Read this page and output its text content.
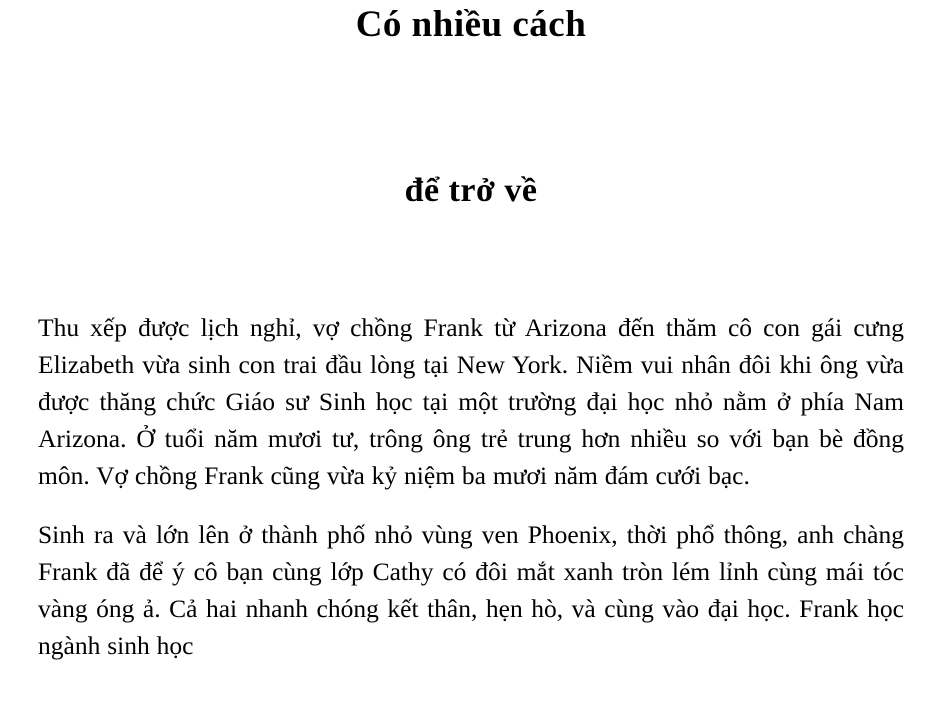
Có nhiều cách
để trở về

Thu xếp được lịch nghỉ, vợ chồng Frank từ Arizona đến thăm cô con gái cưng Elizabeth vừa sinh con trai đầu lòng tại New York. Niềm vui nhân đôi khi ông vừa được thăng chức Giáo sư Sinh học tại một trường đại học nhỏ nằm ở phía Nam Arizona. Ở tuổi năm mươi tư, trông ông trẻ trung hơn nhiều so với bạn bè đồng môn. Vợ chồng Frank cũng vừa kỷ niệm ba mươi năm đám cưới bạc.

Sinh ra và lớn lên ở thành phố nhỏ vùng ven Phoenix, thời phổ thông, anh chàng Frank đã để ý cô bạn cùng lớp Cathy có đôi mắt xanh tròn lém lỉnh cùng mái tóc vàng óng ả. Cả hai nhanh chóng kết thân, hẹn hò, và cùng vào đại học. Frank học ngành sinh học
